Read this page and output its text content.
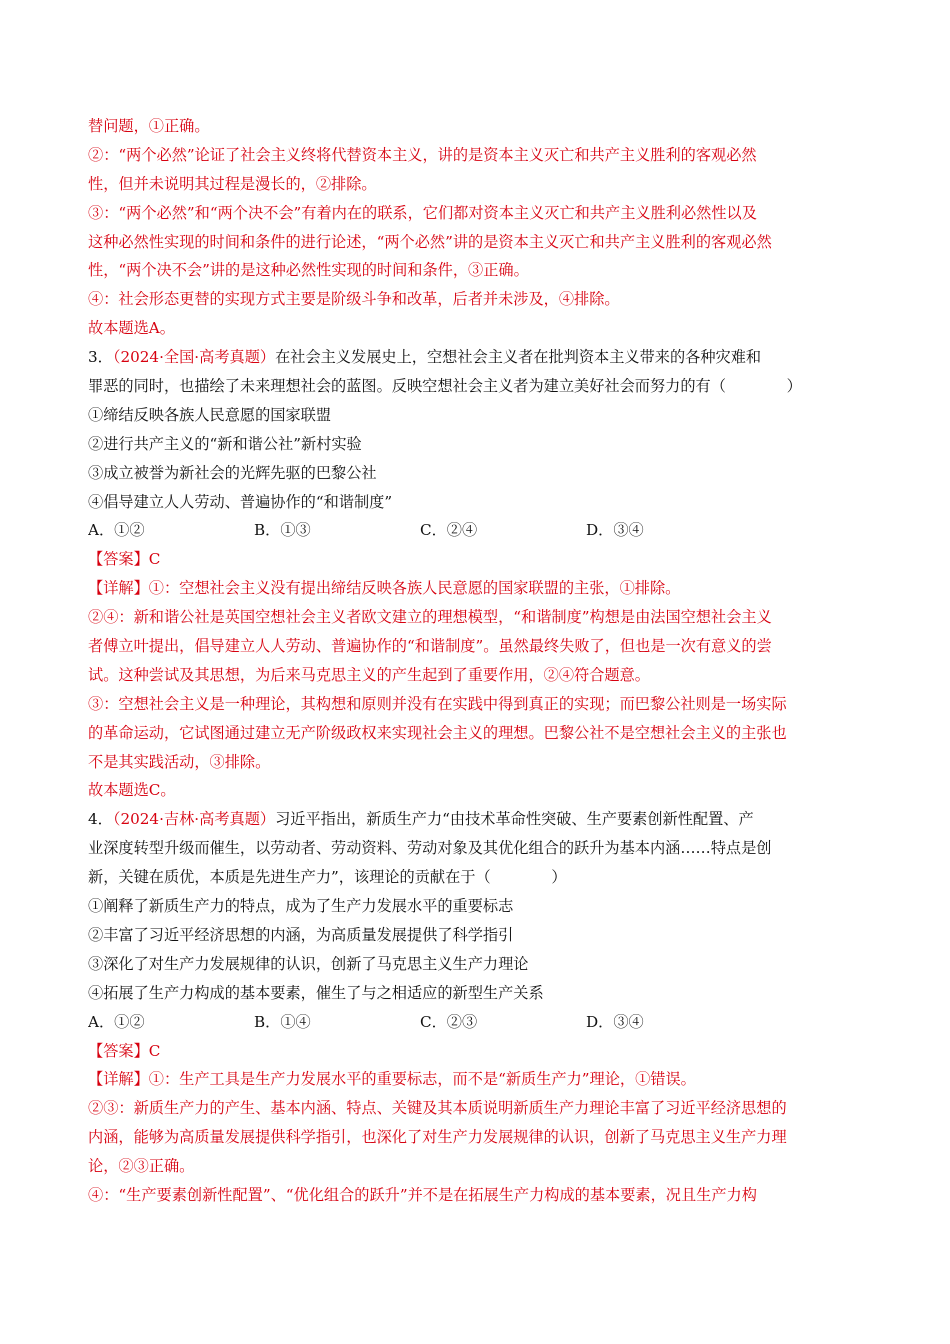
替问题，①正确。
②：“两个必然”论证了社会主义终将代替资本主义，讲的是资本主义灭亡和共产主义胜利的客观必然
性，但并未说明其过程是漫长的，②排除。
③：“两个必然”和“两个决不会”有着内在的联系，它们都对资本主义灭亡和共产主义胜利必然性以及
这种必然性实现的时间和条件的进行论述，“两个必然”讲的是资本主义灭亡和共产主义胜利的客观必然
性，“两个决不会”讲的是这种必然性实现的时间和条件，③正确。
④：社会形态更替的实现方式主要是阶级斗争和改革，后者并未涉及，④排除。
故本题选A。
3．（2024·全国·高考真题）在社会主义发展史上，空想社会主义者在批判资本主义带来的各种灾难和
罪恶的同时，也描绘了未来理想社会的蓝图。反映空想社会主义者为建立美好社会而努力的有（　　　　）
①缔结反映各族人民意愿的国家联盟
②进行共产主义的“新和谐公社”新村实验
③成立被誉为新社会的光辉先驱的巴黎公社
④倡导建立人人劳动、普遍协作的“和谐制度”
A．①②	B．①③	C．②④	D．③④
【答案】C
【详解】①：空想社会主义没有提出缔结反映各族人民意愿的国家联盟的主张，①排除。
②④：新和谐公社是英国空想社会主义者欧文建立的理想模型，“和谐制度”构想是由法国空想社会主义
者傅立叶提出，倡导建立人人劳动、普遍协作的“和谐制度”。虽然最终失败了，但也是一次有意义的尝
试。这种尝试及其思想，为后来马克思主义的产生起到了重要作用，②④符合题意。
③：空想社会主义是一种理论，其构想和原则并没有在实践中得到真正的实现；而巴黎公社则是一场实际
的革命运动，它试图通过建立无产阶级政权来实现社会主义的理想。巴黎公社不是空想社会主义的主张也
不是其实践活动，③排除。
故本题选C。
4．（2024·吉林·高考真题）习近平指出，新质生产力“由技术革命性突破、生产要素创新性配置、产
业深度转型升级而催生，以劳动者、劳动资料、劳动对象及其优化组合的跃升为基本内涵……特点是创
新，关键在质优，本质是先进生产力”，该理论的贡献在于（　　　　）
①阐释了新质生产力的特点，成为了生产力发展水平的重要标志
②丰富了习近平经济思想的内涵，为高质量发展提供了科学指引
③深化了对生产力发展规律的认识，创新了马克思主义生产力理论
④拓展了生产力构成的基本要素，催生了与之相适应的新型生产关系
A．①②	B．①④	C．②③	D．③④
【答案】C
【详解】①：生产工具是生产力发展水平的重要标志，而不是“新质生产力”理论，①错误。
②③：新质生产力的产生、基本内涵、特点、关键及其本质说明新质生产力理论丰富了习近平经济思想的
内涵，能够为高质量发展提供科学指引，也深化了对生产力发展规律的认识，创新了马克思主义生产力理
论，②③正确。
④：“生产要素创新性配置”、“优化组合的跃升”并不是在拓展生产力构成的基本要素，况且生产力构
